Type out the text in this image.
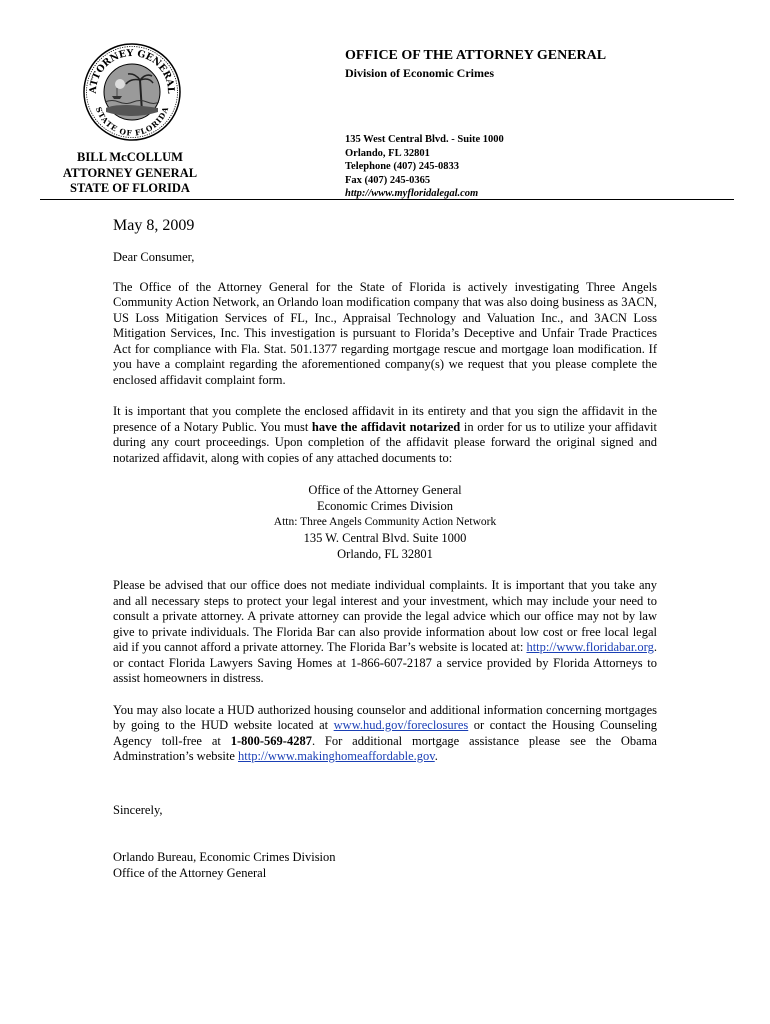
ATTORNEY GENERAL
STATE OF FLORIDA
BILL McCOLLUM
ATTORNEY GENERAL
STATE OF FLORIDA
OFFICE OF THE ATTORNEY GENERAL
Division of Economic Crimes
135 West Central Blvd. - Suite 1000
Orlando, FL 32801
Telephone (407) 245-0833
Fax (407) 245-0365
http://www.myfloridalegal.com

May 8, 2009

Dear Consumer,

The Office of the Attorney General for the State of Florida is actively investigating Three Angels Community Action Network, an Orlando loan modification company that was also doing business as 3ACN, US Loss Mitigation Services of FL, Inc., Appraisal Technology and Valuation Inc., and 3ACN Loss Mitigation Services, Inc. This investigation is pursuant to Florida’s Deceptive and Unfair Trade Practices Act for compliance with Fla. Stat. 501.1377 regarding mortgage rescue and mortgage loan modification. If you have a complaint regarding the aforementioned company(s) we request that you please complete the enclosed affidavit complaint form.

It is important that you complete the enclosed affidavit in its entirety and that you sign the affidavit in the presence of a Notary Public. You must have the affidavit notarized in order for us to utilize your affidavit during any court proceedings. Upon completion of the affidavit please forward the original signed and notarized affidavit, along with copies of any attached documents to:

Office of the Attorney General
Economic Crimes Division
Attn: Three Angels Community Action Network
135 W. Central Blvd. Suite 1000
Orlando, FL 32801

Please be advised that our office does not mediate individual complaints. It is important that you take any and all necessary steps to protect your legal interest and your investment, which may include your need to consult a private attorney. A private attorney can provide the legal advice which our office may not by law give to private individuals. The Florida Bar can also provide information about low cost or free local legal aid if you cannot afford a private attorney. The Florida Bar’s website is located at: http://www.floridabar.org. or contact Florida Lawyers Saving Homes at 1-866-607-2187 a service provided by Florida Attorneys to assist homeowners in distress.

You may also locate a HUD authorized housing counselor and additional information concerning mortgages by going to the HUD website located at www.hud.gov/foreclosures or contact the Housing Counseling Agency toll-free at 1-800-569-4287. For additional mortgage assistance please see the Obama Adminstration’s website http://www.makinghomeaffordable.gov.

Sincerely,

Orlando Bureau, Economic Crimes Division

Office of the Attorney General
